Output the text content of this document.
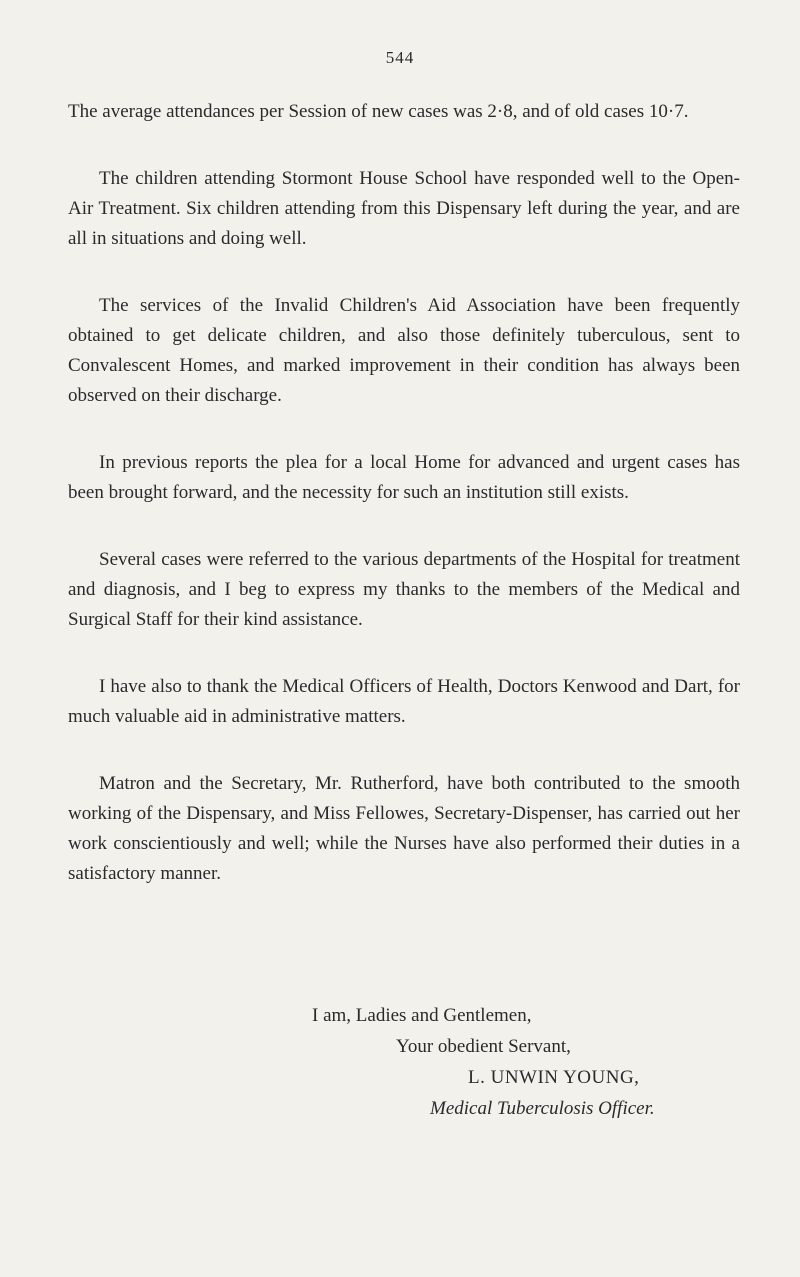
544

The average attendances per Session of new cases was 2·8, and of old cases 10·7.

The children attending Stormont House School have responded well to the Open-Air Treatment. Six children attending from this Dispensary left during the year, and are all in situations and doing well.

The services of the Invalid Children's Aid Association have been frequently obtained to get delicate children, and also those definitely tuberculous, sent to Convalescent Homes, and marked improvement in their condition has always been observed on their discharge.

In previous reports the plea for a local Home for advanced and urgent cases has been brought forward, and the necessity for such an institution still exists.

Several cases were referred to the various departments of the Hospital for treatment and diagnosis, and I beg to express my thanks to the members of the Medical and Surgical Staff for their kind assistance.

I have also to thank the Medical Officers of Health, Doctors Kenwood and Dart, for much valuable aid in administrative matters.

Matron and the Secretary, Mr. Rutherford, have both contributed to the smooth working of the Dispensary, and Miss Fellowes, Secretary-Dispenser, has carried out her work conscientiously and well; while the Nurses have also performed their duties in a satisfactory manner.

I am, Ladies and Gentlemen,
Your obedient Servant,
L. UNWIN YOUNG,
Medical Tuberculosis Officer.
